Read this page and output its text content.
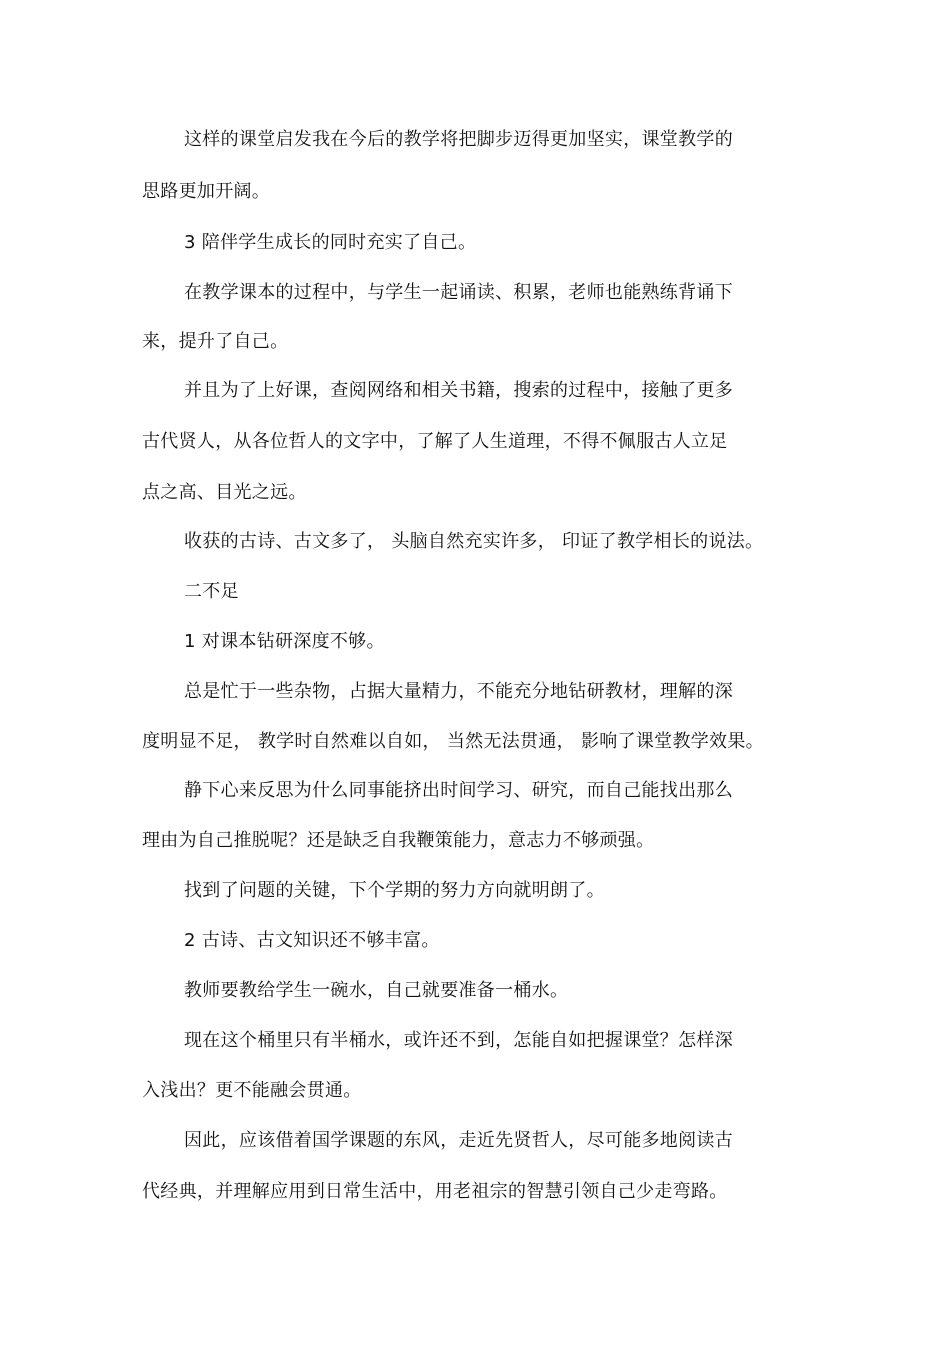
这样的课堂启发我在今后的教学将把脚步迈得更加坚实，课堂教学的
思路更加开阔。
3 陪伴学生成长的同时充实了自己。
在教学课本的过程中，与学生一起诵读、积累，老师也能熟练背诵下
来，提升了自己。
并且为了上好课，查阅网络和相关书籍，搜索的过程中，接触了更多
古代贤人，从各位哲人的文字中，了解了人生道理，不得不佩服古人立足
点之高、目光之远。
收获的古诗、古文多了， 头脑自然充实许多， 印证了教学相长的说法。
二不足
1 对课本钻研深度不够。
总是忙于一些杂物，占据大量精力，不能充分地钻研教材，理解的深
度明显不足， 教学时自然难以自如， 当然无法贯通， 影响了课堂教学效果。
静下心来反思为什么同事能挤出时间学习、研究，而自己能找出那么
理由为自己推脱呢？还是缺乏自我鞭策能力，意志力不够顽强。
找到了问题的关键，下个学期的努力方向就明朗了。
2 古诗、古文知识还不够丰富。
教师要教给学生一碗水，自己就要准备一桶水。
现在这个桶里只有半桶水，或许还不到，怎能自如把握课堂？怎样深
入浅出？更不能融会贯通。
因此，应该借着国学课题的东风，走近先贤哲人，尽可能多地阅读古
代经典，并理解应用到日常生活中，用老祖宗的智慧引领自己少走弯路。
